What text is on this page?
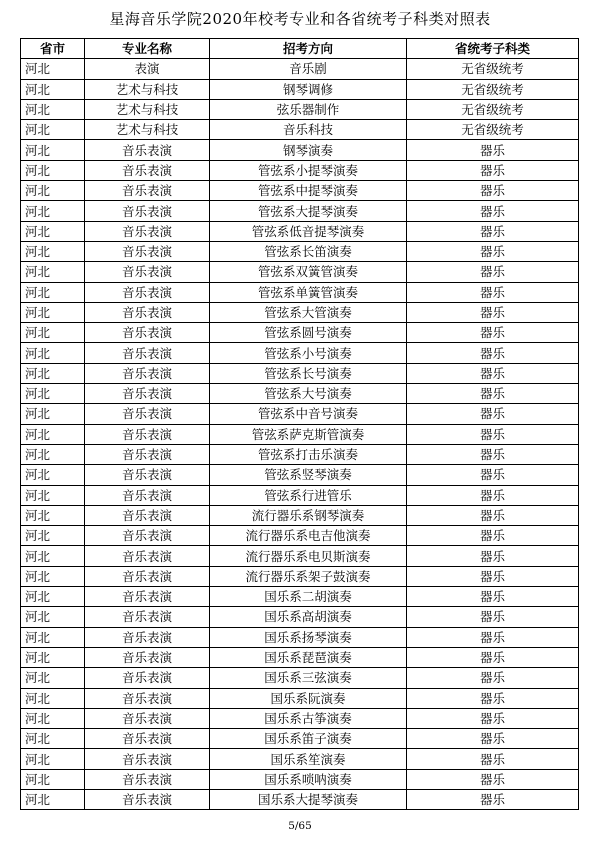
星海音乐学院2020年校考专业和各省统考子科类对照表
省市	专业名称	招考方向	省统考子科类
河北	表演	音乐剧	无省级统考
河北	艺术与科技	钢琴调修	无省级统考
河北	艺术与科技	弦乐器制作	无省级统考
河北	艺术与科技	音乐科技	无省级统考
河北	音乐表演	钢琴演奏	器乐
河北	音乐表演	管弦系小提琴演奏	器乐
河北	音乐表演	管弦系中提琴演奏	器乐
河北	音乐表演	管弦系大提琴演奏	器乐
河北	音乐表演	管弦系低音提琴演奏	器乐
河北	音乐表演	管弦系长笛演奏	器乐
河北	音乐表演	管弦系双簧管演奏	器乐
河北	音乐表演	管弦系单簧管演奏	器乐
河北	音乐表演	管弦系大管演奏	器乐
河北	音乐表演	管弦系圆号演奏	器乐
河北	音乐表演	管弦系小号演奏	器乐
河北	音乐表演	管弦系长号演奏	器乐
河北	音乐表演	管弦系大号演奏	器乐
河北	音乐表演	管弦系中音号演奏	器乐
河北	音乐表演	管弦系萨克斯管演奏	器乐
河北	音乐表演	管弦系打击乐演奏	器乐
河北	音乐表演	管弦系竖琴演奏	器乐
河北	音乐表演	管弦系行进管乐	器乐
河北	音乐表演	流行器乐系钢琴演奏	器乐
河北	音乐表演	流行器乐系电吉他演奏	器乐
河北	音乐表演	流行器乐系电贝斯演奏	器乐
河北	音乐表演	流行器乐系架子鼓演奏	器乐
河北	音乐表演	国乐系二胡演奏	器乐
河北	音乐表演	国乐系高胡演奏	器乐
河北	音乐表演	国乐系扬琴演奏	器乐
河北	音乐表演	国乐系琵琶演奏	器乐
河北	音乐表演	国乐系三弦演奏	器乐
河北	音乐表演	国乐系阮演奏	器乐
河北	音乐表演	国乐系古筝演奏	器乐
河北	音乐表演	国乐系笛子演奏	器乐
河北	音乐表演	国乐系笙演奏	器乐
河北	音乐表演	国乐系唢呐演奏	器乐
河北	音乐表演	国乐系大提琴演奏	器乐
5/65
